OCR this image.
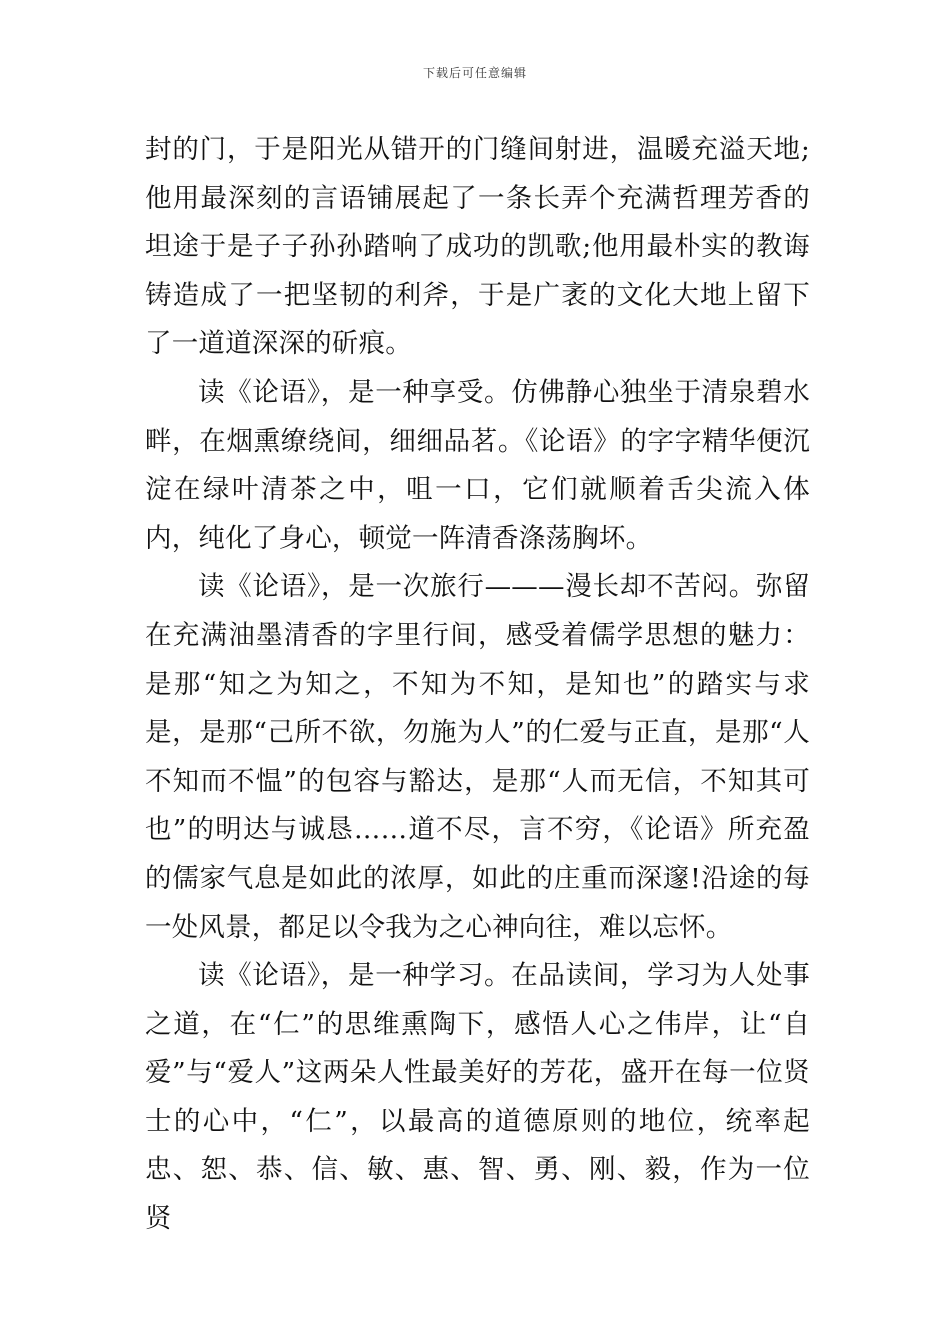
下载后可任意编辑

封的门，于是阳光从错开的门缝间射进，温暖充溢天地;他用最深刻的言语铺展起了一条长弄个充满哲理芳香的坦途于是子子孙孙踏响了成功的凯歌;他用最朴实的教诲铸造成了一把坚韧的利斧，于是广袤的文化大地上留下了一道道深深的斫痕。

读《论语》，是一种享受。仿佛静心独坐于清泉碧水畔，在烟熏缭绕间，细细品茗。《论语》的字字精华便沉淀在绿叶清茶之中，咀一口，它们就顺着舌尖流入体内，纯化了身心，顿觉一阵清香涤荡胸坏。

读《论语》，是一次旅行———漫长却不苦闷。弥留在充满油墨清香的字里行间，感受着儒学思想的魅力：是那“知之为知之，不知为不知，是知也”的踏实与求是，是那“己所不欲，勿施为人”的仁爱与正直，是那“人不知而不愠”的包容与豁达，是那“人而无信，不知其可也”的明达与诚恳……道不尽，言不穷，《论语》所充盈的儒家气息是如此的浓厚，如此的庄重而深邃!沿途的每一处风景，都足以令我为之心神向往，难以忘怀。

读《论语》，是一种学习。在品读间，学习为人处事之道，在“仁”的思维熏陶下，感悟人心之伟岸，让“自爱”与“爱人”这两朵人性最美好的芳花，盛开在每一位贤士的心中，“仁”，以最高的道德原则的地位，统率起忠、恕、恭、信、敏、惠、智、勇、刚、毅，作为一位贤
